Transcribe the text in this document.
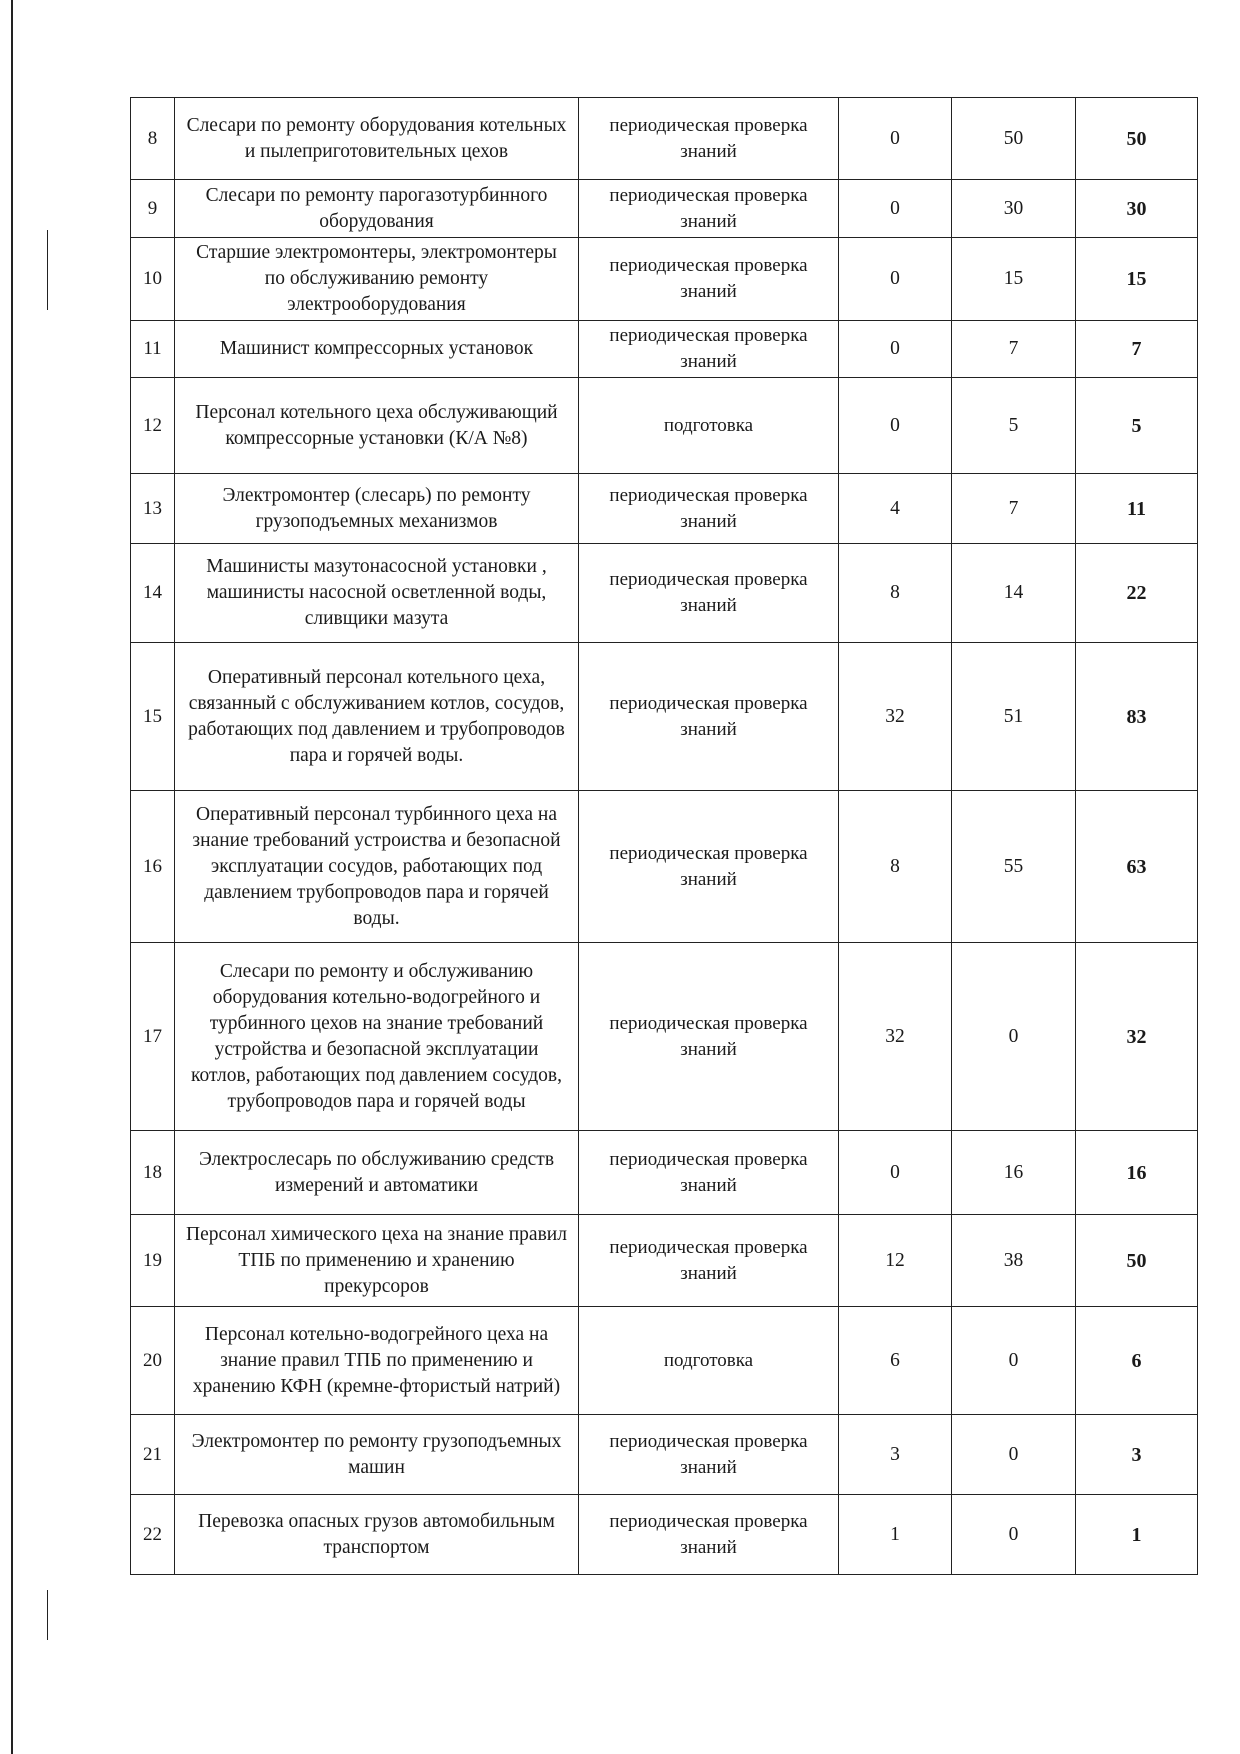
8	Слесари по ремонту оборудования котельных и пылеприготовительных цехов	периодическая проверка знаний	0	50	50
9	Слесари по ремонту парогазотурбинного оборудования	периодическая проверка знаний	0	30	30
10	Старшие электромонтеры, электромонтеры по обслуживанию ремонту электрооборудования	периодическая проверка знаний	0	15	15
11	Машинист компрессорных установок	периодическая проверка знаний	0	7	7
12	Персонал котельного цеха обслуживающий компрессорные установки (К/А №8)	подготовка	0	5	5
13	Электромонтер (слесарь) по ремонту грузоподъемных механизмов	периодическая проверка знаний	4	7	11
14	Машинисты мазутонасосной установки , машинисты насосной осветленной воды, сливщики мазута	периодическая проверка знаний	8	14	22
15	Оперативный персонал котельного цеха, связанный с обслуживанием котлов, сосудов, работающих под давлением и трубопроводов пара и горячей воды.	периодическая проверка знаний	32	51	83
16	Оперативный персонал турбинного цеха на знание требований устроиства и безопасной эксплуатации сосудов, работающих под давлением трубопроводов пара и горячей воды.	периодическая проверка знаний	8	55	63
17	Слесари по ремонту и обслуживанию оборудования котельно-водогрейного и турбинного цехов на знание требований устройства и безопасной эксплуатации котлов, работающих под давлением сосудов, трубопроводов пара и горячей воды	периодическая проверка знаний	32	0	32
18	Электрослесарь по обслуживанию средств измерений и автоматики	периодическая проверка знаний	0	16	16
19	Персонал химического цеха на знание правил ТПБ по применению и хранению прекурсоров	периодическая проверка знаний	12	38	50
20	Персонал котельно-водогрейного цеха на знание правил ТПБ по применению и хранению КФН (кремне-фтористый натрий)	подготовка	6	0	6
21	Электромонтер по ремонту грузоподъемных машин	периодическая проверка знаний	3	0	3
22	Перевозка опасных грузов автомобильным транспортом	периодическая проверка знаний	1	0	1
